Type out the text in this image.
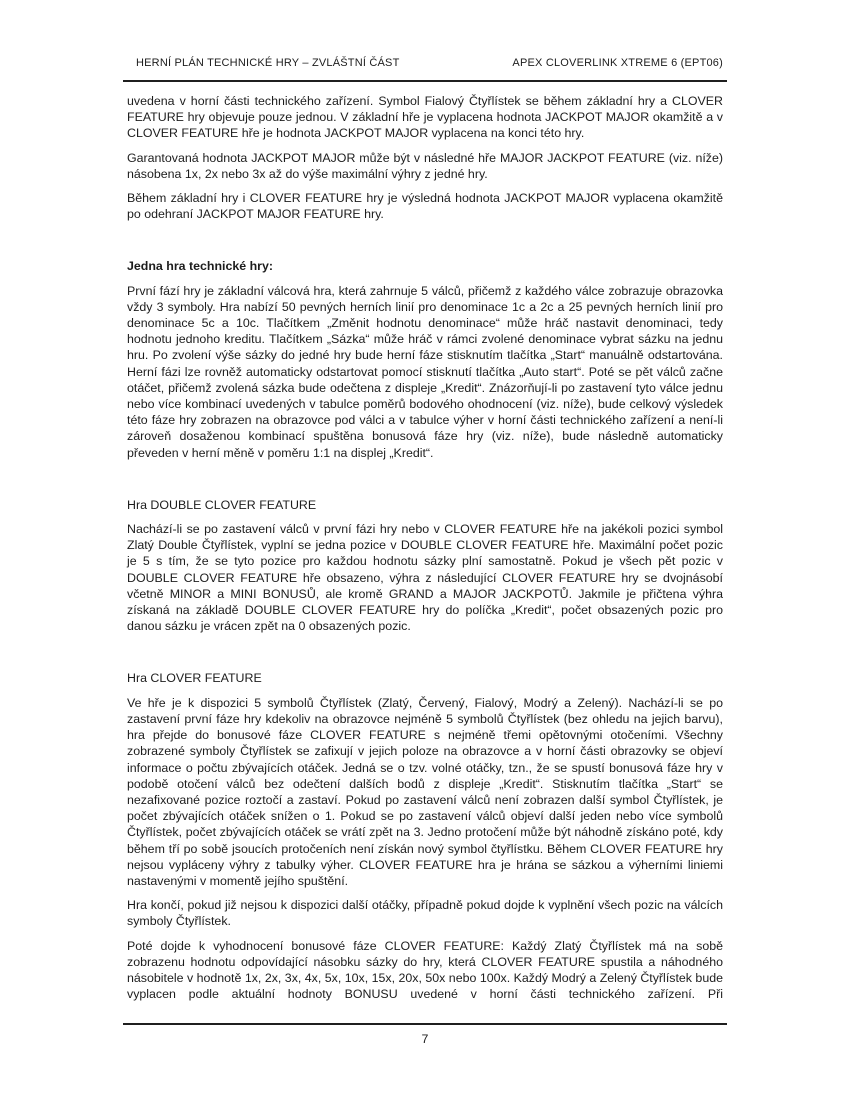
HERNÍ PLÁN TECHNICKÉ HRY – ZVLÁŠTNÍ ČÁST	APEX CLOVERLINK XTREME 6 (EPT06)

uvedena v horní části technického zařízení. Symbol Fialový Čtyřlístek se během základní hry a CLOVER FEATURE hry objevuje pouze jednou. V základní hře je vyplacena hodnota JACKPOT MAJOR okamžitě a v CLOVER FEATURE hře je hodnota JACKPOT MAJOR vyplacena na konci této hry.

Garantovaná hodnota JACKPOT MAJOR může být v následné hře MAJOR JACKPOT FEATURE (viz. níže) násobena 1x, 2x nebo 3x až do výše maximální výhry z jedné hry.

Během základní hry i CLOVER FEATURE hry je výsledná hodnota JACKPOT MAJOR vyplacena okamžitě po odehraní JACKPOT MAJOR FEATURE hry.

Jedna hra technické hry:

První fází hry je základní válcová hra, která zahrnuje 5 válců, přičemž z každého válce zobrazuje obrazovka vždy 3 symboly. Hra nabízí 50 pevných herních linií pro denominace 1c a 2c a 25 pevných herních linií pro denominace 5c a 10c. Tlačítkem „Změnit hodnotu denominace“ může hráč nastavit denominaci, tedy hodnotu jednoho kreditu. Tlačítkem „Sázka“ může hráč v rámci zvolené denominace vybrat sázku na jednu hru. Po zvolení výše sázky do jedné hry bude herní fáze stisknutím tlačítka „Start“ manuálně odstartována. Herní fázi lze rovněž automaticky odstartovat pomocí stisknutí tlačítka „Auto start“. Poté se pět válců začne otáčet, přičemž zvolená sázka bude odečtena z displeje „Kredit“. Znázorňují-li po zastavení tyto válce jednu nebo více kombinací uvedených v tabulce poměrů bodového ohodnocení (viz. níže), bude celkový výsledek této fáze hry zobrazen na obrazovce pod válci a v tabulce výher v horní části technického zařízení a není-li zároveň dosaženou kombinací spuštěna bonusová fáze hry (viz. níže), bude následně automaticky převeden v herní měně v poměru 1:1 na displej „Kredit“.

Hra DOUBLE CLOVER FEATURE

Nachází-li se po zastavení válců v první fázi hry nebo v CLOVER FEATURE hře na jakékoli pozici symbol Zlatý Double Čtyřlístek, vyplní se jedna pozice v DOUBLE CLOVER FEATURE hře. Maximální počet pozic je 5 s tím, že se tyto pozice pro každou hodnotu sázky plní samostatně. Pokud je všech pět pozic v DOUBLE CLOVER FEATURE hře obsazeno, výhra z následující CLOVER FEATURE hry se dvojnásobí včetně MINOR a MINI BONUSŮ, ale kromě GRAND a MAJOR JACKPOTŮ. Jakmile je přičtena výhra získaná na základě DOUBLE CLOVER FEATURE hry do políčka „Kredit“, počet obsazených pozic pro danou sázku je vrácen zpět na 0 obsazených pozic.

Hra CLOVER FEATURE

Ve hře je k dispozici 5 symbolů Čtyřlístek (Zlatý, Červený, Fialový, Modrý a Zelený). Nachází-li se po zastavení první fáze hry kdekoliv na obrazovce nejméně 5 symbolů Čtyřlístek (bez ohledu na jejich barvu), hra přejde do bonusové fáze CLOVER FEATURE s nejméně třemi opětovnými otočeními. Všechny zobrazené symboly Čtyřlístek se zafixují v jejich poloze na obrazovce a v horní části obrazovky se objeví informace o počtu zbývajících otáček. Jedná se o tzv. volné otáčky, tzn., že se spustí bonusová fáze hry v podobě otočení válců bez odečtení dalších bodů z displeje „Kredit“. Stisknutím tlačítka „Start“ se nezafixované pozice roztočí a zastaví. Pokud po zastavení válců není zobrazen další symbol Čtyřlístek, je počet zbývajících otáček snížen o 1. Pokud se po zastavení válců objeví další jeden nebo více symbolů Čtyřlístek, počet zbývajících otáček se vrátí zpět na 3. Jedno protočení může být náhodně získáno poté, kdy během tří po sobě jsoucích protočeních není získán nový symbol čtyřlístku. Během CLOVER FEATURE hry nejsou vypláceny výhry z tabulky výher. CLOVER FEATURE hra je hrána se sázkou a výherními liniemi nastavenými v momentě jejího spuštění.

Hra končí, pokud již nejsou k dispozici další otáčky, případně pokud dojde k vyplnění všech pozic na válcích symboly Čtyřlístek.

Poté dojde k vyhodnocení bonusové fáze CLOVER FEATURE: Každý Zlatý Čtyřlístek má na sobě zobrazenu hodnotu odpovídající násobku sázky do hry, která CLOVER FEATURE spustila a náhodného násobitele v hodnotě 1x, 2x, 3x, 4x, 5x, 10x, 15x, 20x, 50x nebo 100x. Každý Modrý a Zelený Čtyřlístek bude vyplacen podle aktuální hodnoty BONUSU uvedené v horní části technického zařízení. Při

7
